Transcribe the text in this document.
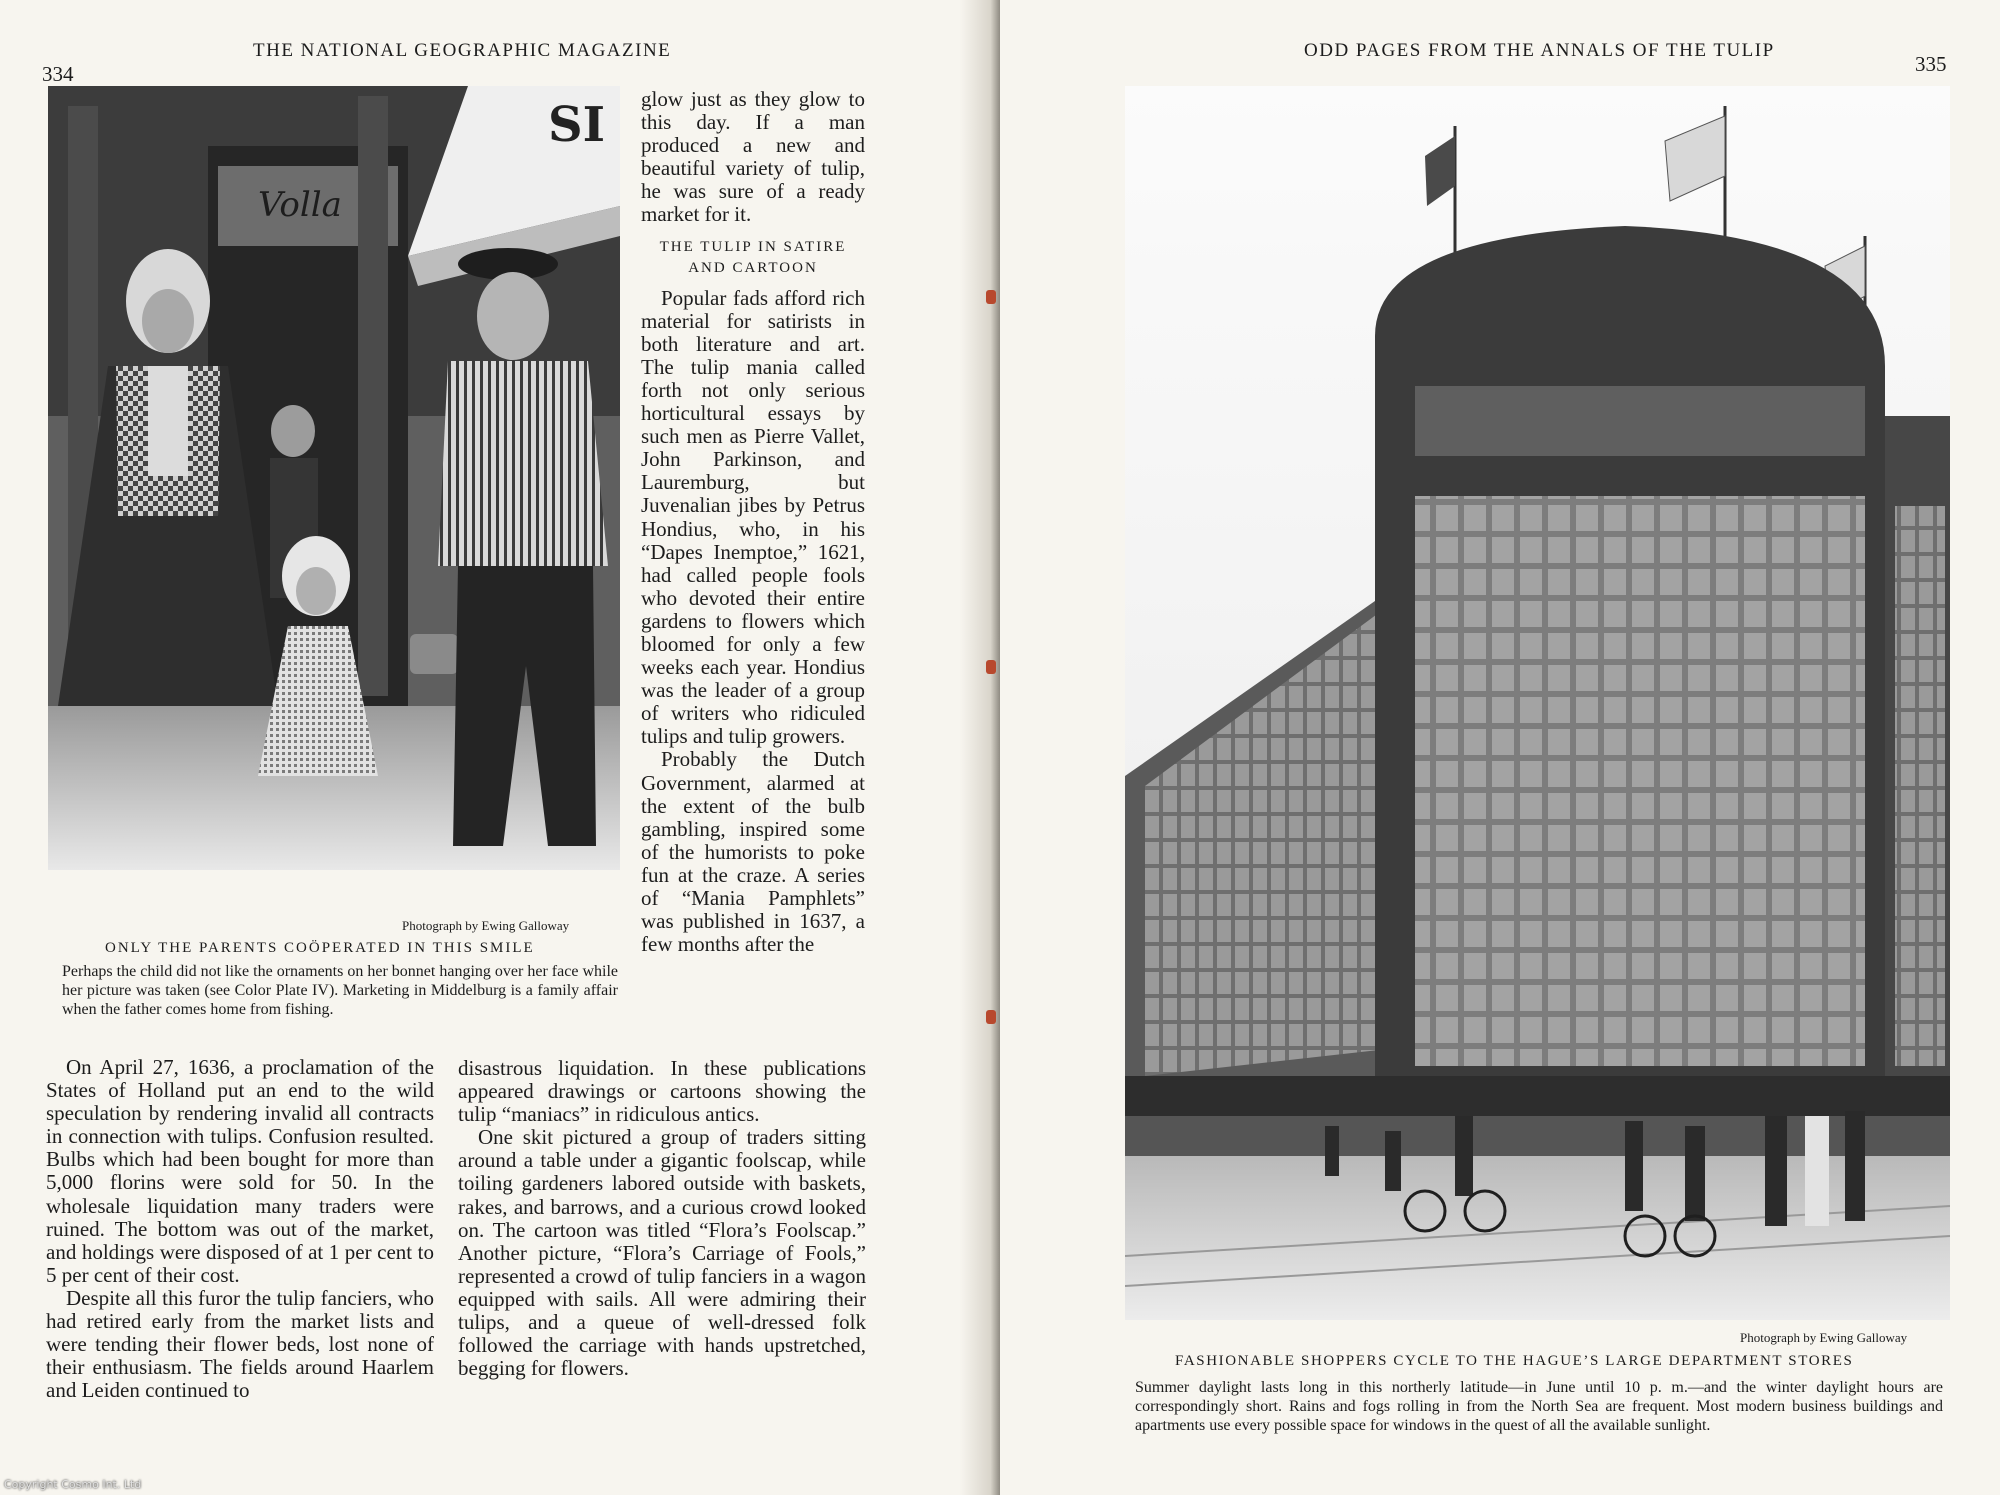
334
THE NATIONAL GEOGRAPHIC MAGAZINE
Volla
SI
Photograph by Ewing Galloway
ONLY THE PARENTS COÖPERATED IN THIS SMILE
Perhaps the child did not like the ornaments on her bonnet hanging over her face while her picture was taken (see Color Plate IV). Marketing in Middelburg is a family affair when the father comes home from fishing.

glow just as they glow to this day. If a man produced a new and beautiful variety of tulip, he was sure of a ready market for it.

THE TULIP IN SATIRE AND CARTOON

Popular fads afford rich material for satirists in both literature and art. The tulip mania called forth not only serious horticultural essays by such men as Pierre Vallet, John Parkinson, and Lauremburg, but Juvenalian jibes by Petrus Hondius, who, in his “Dapes Inemptoe,” 1621, had called people fools who devoted their entire gardens to flowers which bloomed for only a few weeks each year. Hondius was the leader of a group of writers who ridiculed tulips and tulip growers.

Probably the Dutch Government, alarmed at the extent of the bulb gambling, inspired some of the humorists to poke fun at the craze. A series of “Mania Pamphlets” was published in 1637, a few months after the

On April 27, 1636, a proclamation of the States of Holland put an end to the wild speculation by rendering invalid all contracts in connection with tulips. Confusion resulted. Bulbs which had been bought for more than 5,000 florins were sold for 50. In the wholesale liquidation many traders were ruined. The bottom was out of the market, and holdings were disposed of at 1 per cent to 5 per cent of their cost.

Despite all this furor the tulip fanciers, who had retired early from the market lists and were tending their flower beds, lost none of their enthusiasm. The fields around Haarlem and Leiden continued to

disastrous liquidation. In these publications appeared drawings or cartoons showing the tulip “maniacs” in ridiculous antics.

One skit pictured a group of traders sitting around a table under a gigantic foolscap, while toiling gardeners labored outside with baskets, rakes, and barrows, and a curious crowd looked on. The cartoon was titled “Flora’s Foolscap.” Another picture, “Flora’s Carriage of Fools,” represented a crowd of tulip fanciers in a wagon equipped with sails. All were admiring their tulips, and a queue of well-dressed folk followed the carriage with hands upstretched, begging for flowers.

ODD PAGES FROM THE ANNALS OF THE TULIP
335
Photograph by Ewing Galloway
FASHIONABLE SHOPPERS CYCLE TO THE HAGUE’S LARGE DEPARTMENT STORES
Summer daylight lasts long in this northerly latitude—in June until 10 p. m.—and the winter daylight hours are correspondingly short. Rains and fogs rolling in from the North Sea are frequent. Most modern business buildings and apartments use every possible space for windows in the quest of all the available sunlight.
Copyright Cosmo Int. Ltd
